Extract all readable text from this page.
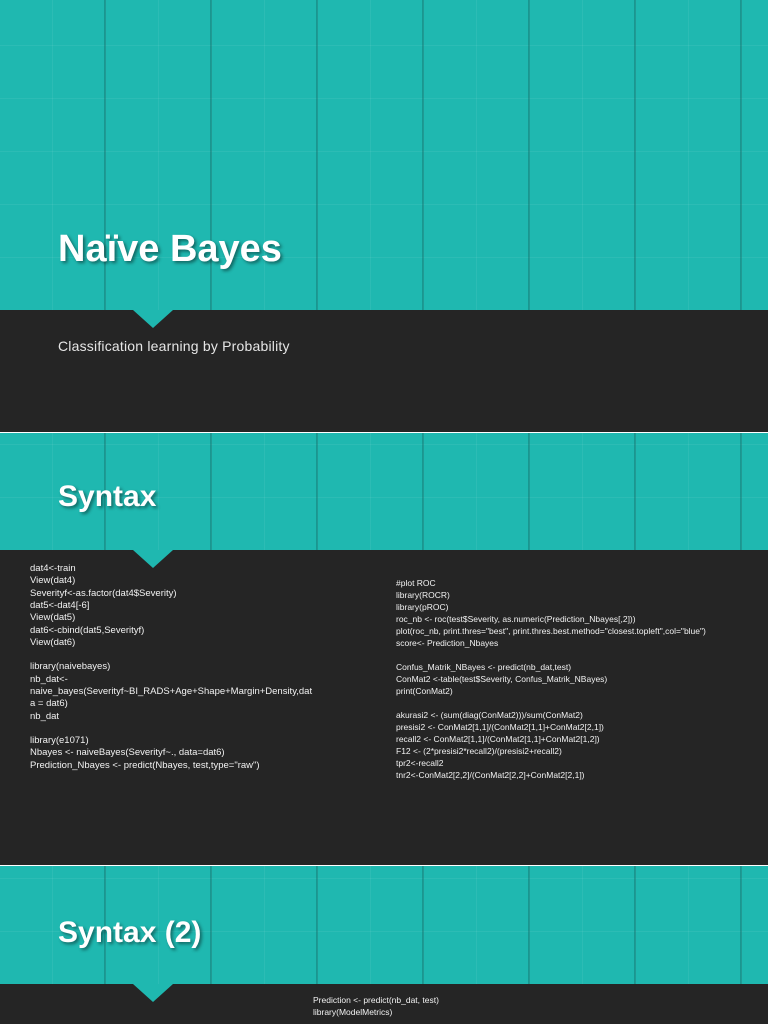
Naïve Bayes
Classification learning by Probability
Syntax
dat4<-train
View(dat4)
Severityf<-as.factor(dat4$Severity)
dat5<-dat4[-6]
View(dat5)
dat6<-cbind(dat5,Severityf)
View(dat6)
library(naivebayes)
nb_dat<-
naive_bayes(Severityf~BI_RADS+Age+Shape+Margin+Density,dat
a = dat6)
nb_dat
library(e1071)
Nbayes <- naiveBayes(Severityf~., data=dat6)
Prediction_Nbayes <- predict(Nbayes, test,type="raw")
#plot ROC
library(ROCR)
library(pROC)
roc_nb <- roc(test$Severity, as.numeric(Prediction_Nbayes[,2]))
plot(roc_nb, print.thres="best", print.thres.best.method="closest.topleft",col="blue")
score<- Prediction_Nbayes
Confus_Matrik_NBayes <- predict(nb_dat,test)
ConMat2 <-table(test$Severity, Confus_Matrik_NBayes)
print(ConMat2)
akurasi2 <- (sum(diag(ConMat2)))/sum(ConMat2)
presisi2 <- ConMat2[1,1]/(ConMat2[1,1]+ConMat2[2,1])
recall2 <- ConMat2[1,1]/(ConMat2[1,1]+ConMat2[1,2])
F12 <- (2*presisi2*recall2)/(presisi2+recall2)
tpr2<-recall2
tnr2<-ConMat2[2,2]/(ConMat2[2,2]+ConMat2[2,1])
Syntax (2)
Prediction <- predict(nb_dat, test)
library(ModelMetrics)
